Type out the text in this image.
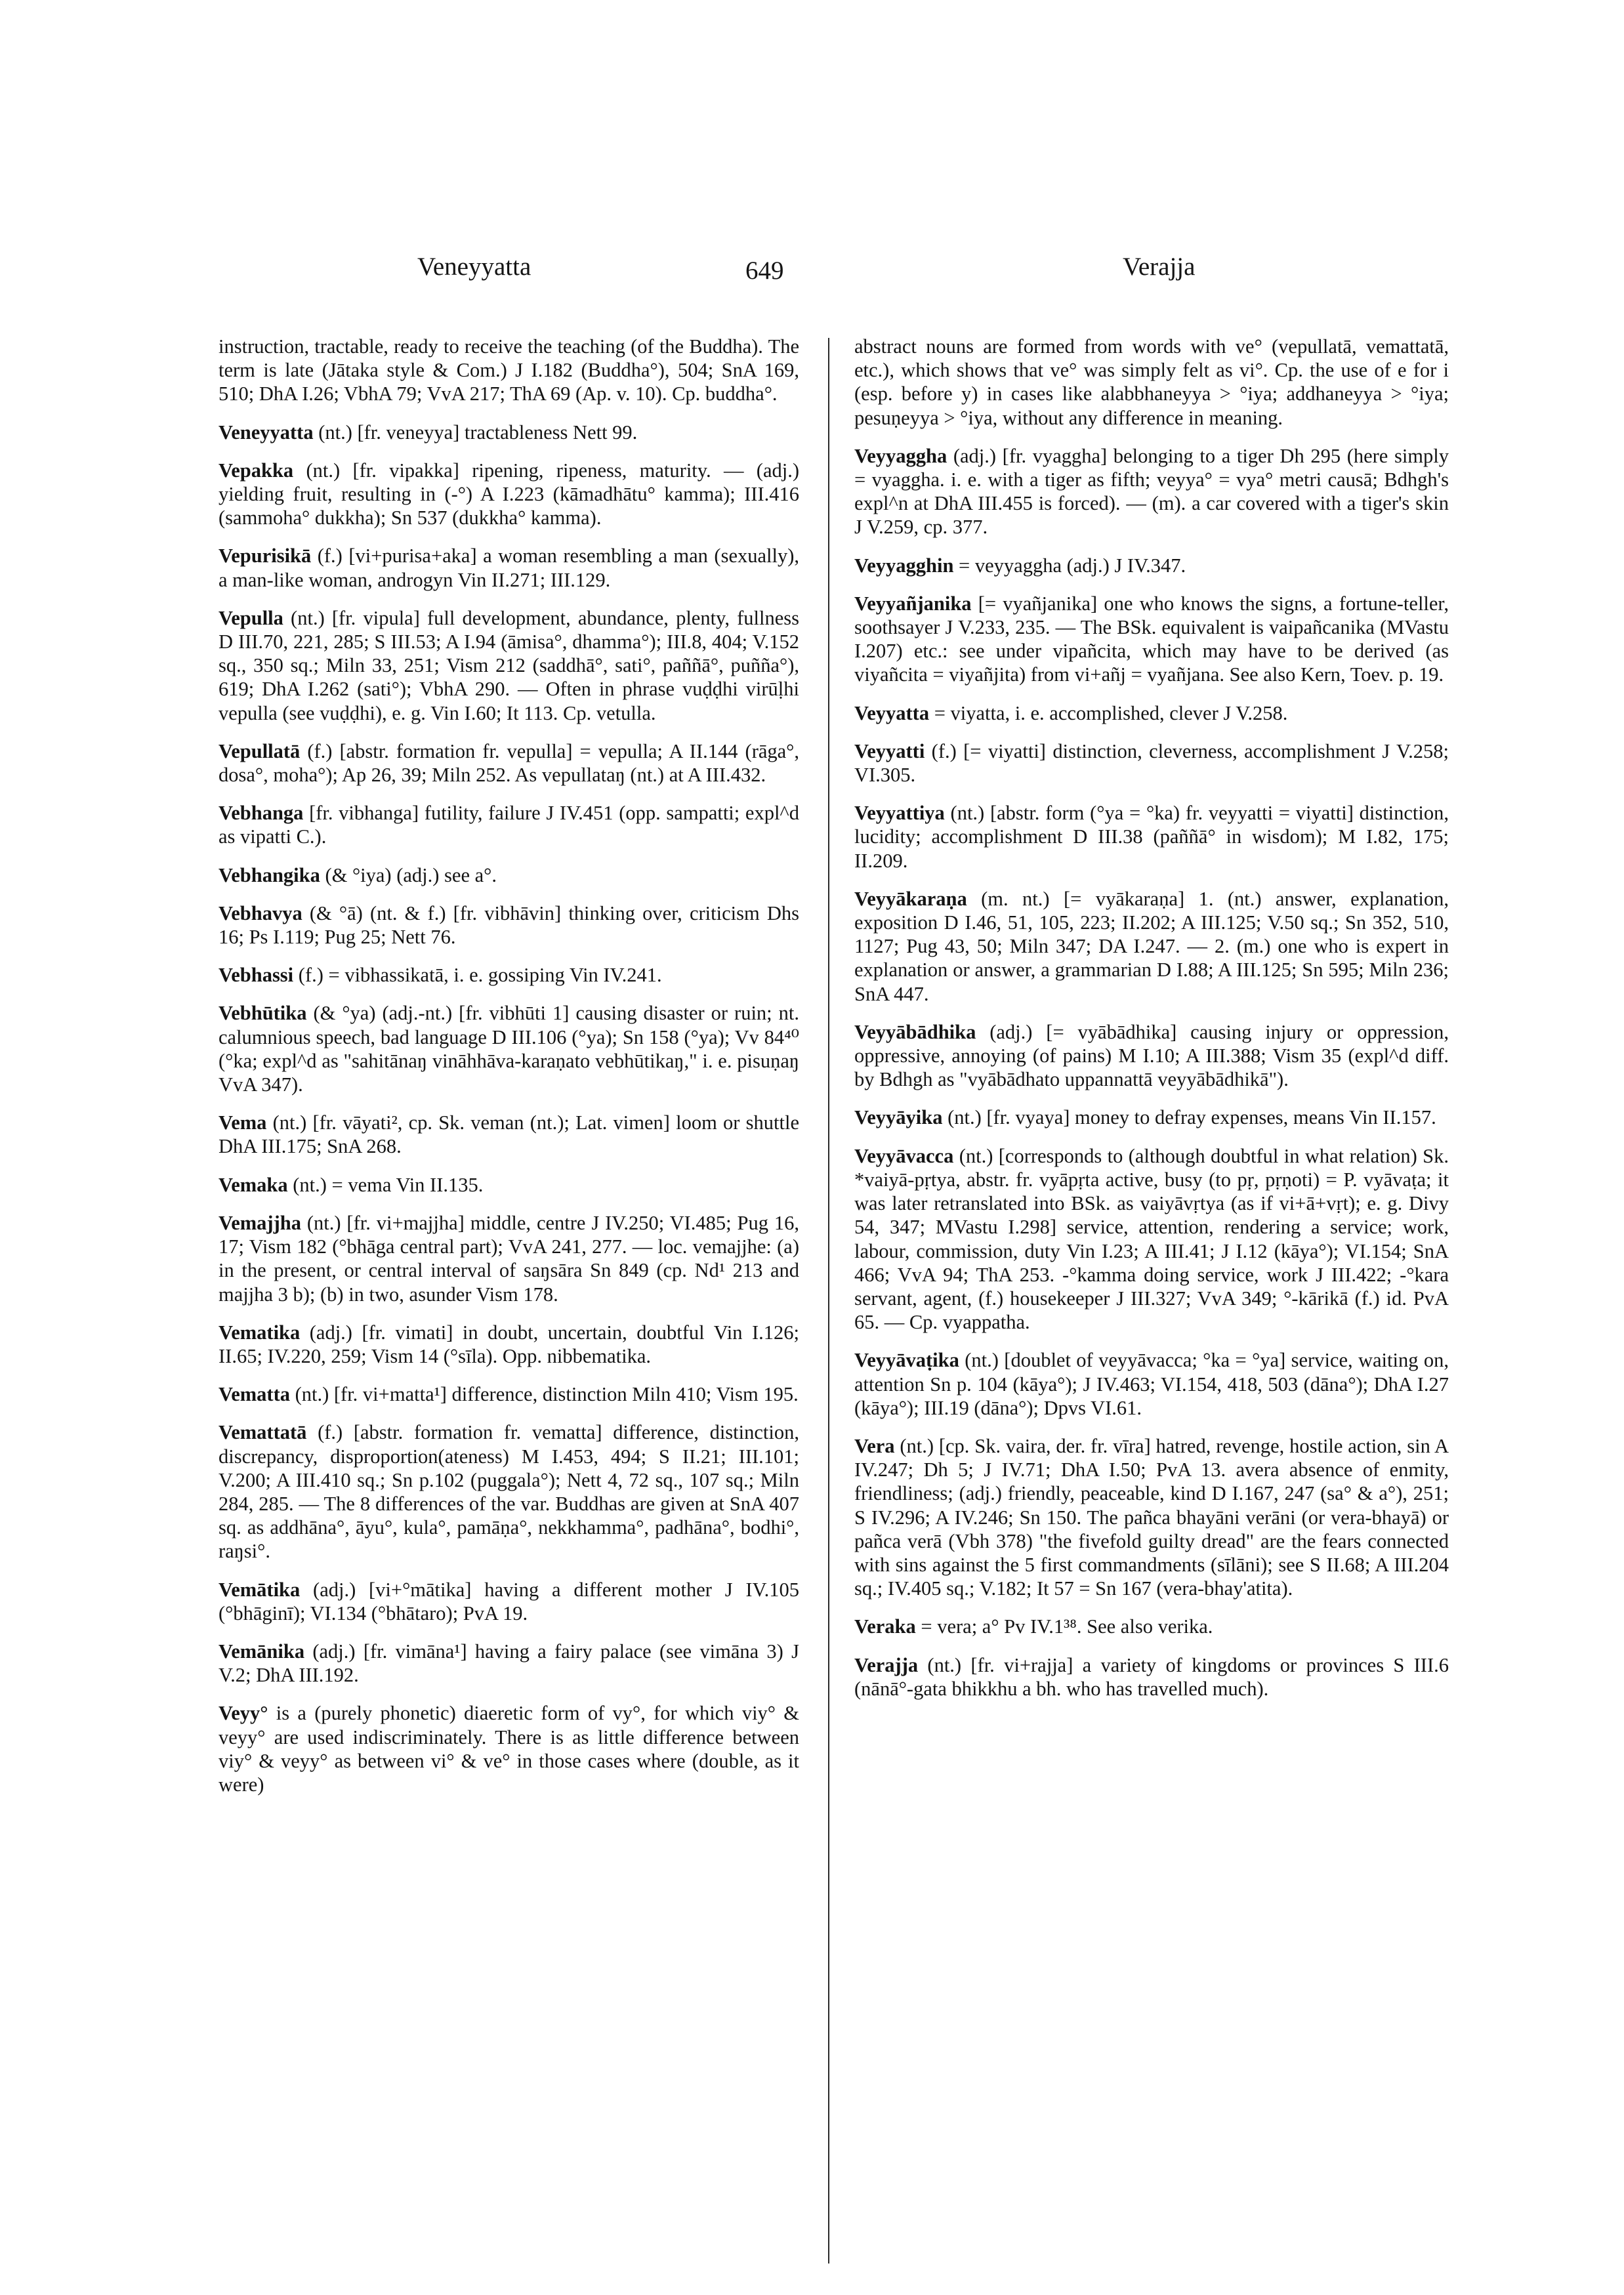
Veneyyatta	649	Verajja

instruction, tractable, ready to receive the teaching (of the Buddha). The term is late (Jātaka style & Com.) J I.182 (Buddha°), 504; SnA 169, 510; DhA I.26; VbhA 79; VvA 217; ThA 69 (Ap. v. 10). Cp. buddha°.

Veneyyatta (nt.) [fr. veneyya] tractableness Nett 99.

Vepakka (nt.) [fr. vipakka] ripening, ripeness, maturity. — (adj.) yielding fruit, resulting in (-°) A I.223 (kāmadhātu° kamma); III.416 (sammoha° dukkha); Sn 537 (dukkha° kamma).

Vepurisikā (f.) [vi+purisa+aka] a woman resembling a man (sexually), a man-like woman, androgyn Vin II.271; III.129.

Vepulla (nt.) [fr. vipula] full development, abundance, plenty, fullness D III.70, 221, 285; S III.53; A I.94 (āmisa°, dhamma°); III.8, 404; V.152 sq., 350 sq.; Miln 33, 251; Vism 212 (saddhā°, sati°, paññā°, puñña°), 619; DhA I.262 (sati°); VbhA 290. — Often in phrase vuḍḍhi virūḷhi vepulla (see vuḍḍhi), e. g. Vin I.60; It 113. Cp. vetulla.

Vepullatā (f.) [abstr. formation fr. vepulla] = vepulla; A II.144 (rāga°, dosa°, moha°); Ap 26, 39; Miln 252. As vepullataŋ (nt.) at A III.432.

Vebhanga [fr. vibhanga] futility, failure J IV.451 (opp. sampatti; expl^d as vipatti C.).

Vebhangika (& °iya) (adj.) see a°.

Vebhavya (& °ā) (nt. & f.) [fr. vibhāvin] thinking over, criticism Dhs 16; Ps I.119; Pug 25; Nett 76.

Vebhassi (f.) = vibhassikatā, i. e. gossiping Vin IV.241.

Vebhūtika (& °ya) (adj.-nt.) [fr. vibhūti 1] causing disaster or ruin; nt. calumnious speech, bad language D III.106 (°ya); Sn 158 (°ya); Vv 84⁴⁰ (°ka; expl^d as "sahitānaŋ vināhhāva-karaṇato vebhūtikaŋ," i. e. pisuṇaŋ VvA 347).

Vema (nt.) [fr. vāyati², cp. Sk. veman (nt.); Lat. vimen] loom or shuttle DhA III.175; SnA 268.

Vemaka (nt.) = vema Vin II.135.

Vemajjha (nt.) [fr. vi+majjha] middle, centre J IV.250; VI.485; Pug 16, 17; Vism 182 (°bhāga central part); VvA 241, 277. — loc. vemajjhe: (a) in the present, or central interval of saŋsāra Sn 849 (cp. Nd¹ 213 and majjha 3 b); (b) in two, asunder Vism 178.

Vematika (adj.) [fr. vimati] in doubt, uncertain, doubtful Vin I.126; II.65; IV.220, 259; Vism 14 (°sīla). Opp. nibbematika.

Vematta (nt.) [fr. vi+matta¹] difference, distinction Miln 410; Vism 195.

Vemattatā (f.) [abstr. formation fr. vematta] difference, distinction, discrepancy, disproportion(ateness) M I.453, 494; S II.21; III.101; V.200; A III.410 sq.; Sn p.102 (puggala°); Nett 4, 72 sq., 107 sq.; Miln 284, 285. — The 8 differences of the var. Buddhas are given at SnA 407 sq. as addhāna°, āyu°, kula°, pamāṇa°, nekkhamma°, padhāna°, bodhi°, raŋsi°.

Vemātika (adj.) [vi+°mātika] having a different mother J IV.105 (°bhāginī); VI.134 (°bhātaro); PvA 19.

Vemānika (adj.) [fr. vimāna¹] having a fairy palace (see vimāna 3) J V.2; DhA III.192.

Veyy° is a (purely phonetic) diaeretic form of vy°, for which viy° & veyy° are used indiscriminately. There is as little difference between viy° & veyy° as between vi° & ve° in those cases where (double, as it were)

abstract nouns are formed from words with ve° (vepullatā, vemattatā, etc.), which shows that ve° was simply felt as vi°. Cp. the use of e for i (esp. before y) in cases like alabbhaneyya > °iya; addhaneyya > °iya; pesuṇeyya > °iya, without any difference in meaning.

Veyyaggha (adj.) [fr. vyaggha] belonging to a tiger Dh 295 (here simply = vyaggha. i. e. with a tiger as fifth; veyya° = vya° metri causā; Bdhgh's expl^n at DhA III.455 is forced). — (m). a car covered with a tiger's skin J V.259, cp. 377.

Veyyagghin = veyyaggha (adj.) J IV.347.

Veyyañjanika [= vyañjanika] one who knows the signs, a fortune-teller, soothsayer J V.233, 235. — The BSk. equivalent is vaipañcanika (MVastu I.207) etc.: see under vipañcita, which may have to be derived (as viyañcita = viyañjita) from vi+añj = vyañjana. See also Kern, Toev. p. 19.

Veyyatta = viyatta, i. e. accomplished, clever J V.258.

Veyyatti (f.) [= viyatti] distinction, cleverness, accomplishment J V.258; VI.305.

Veyyattiya (nt.) [abstr. form (°ya = °ka) fr. veyyatti = viyatti] distinction, lucidity; accomplishment D III.38 (paññā° in wisdom); M I.82, 175; II.209.

Veyyākaraṇa (m. nt.) [= vyākaraṇa] 1. (nt.) answer, explanation, exposition D I.46, 51, 105, 223; II.202; A III.125; V.50 sq.; Sn 352, 510, 1127; Pug 43, 50; Miln 347; DA I.247. — 2. (m.) one who is expert in explanation or answer, a grammarian D I.88; A III.125; Sn 595; Miln 236; SnA 447.

Veyyābādhika (adj.) [= vyābādhika] causing injury or oppression, oppressive, annoying (of pains) M I.10; A III.388; Vism 35 (expl^d diff. by Bdhgh as "vyābādhato uppannattā veyyābādhikā").

Veyyāyika (nt.) [fr. vyaya] money to defray expenses, means Vin II.157.

Veyyāvacca (nt.) [corresponds to (although doubtful in what relation) Sk. *vaiyā-pṛtya, abstr. fr. vyāpṛta active, busy (to pṛ, pṛṇoti) = P. vyāvaṭa; it was later retranslated into BSk. as vaiyāvṛtya (as if vi+ā+vṛt); e. g. Divy 54, 347; MVastu I.298] service, attention, rendering a service; work, labour, commission, duty Vin I.23; A III.41; J I.12 (kāya°); VI.154; SnA 466; VvA 94; ThA 253. -°kamma doing service, work J III.422; -°kara servant, agent, (f.) housekeeper J III.327; VvA 349; °-kārikā (f.) id. PvA 65. — Cp. vyappatha.

Veyyāvaṭika (nt.) [doublet of veyyāvacca; °ka = °ya] service, waiting on, attention Sn p. 104 (kāya°); J IV.463; VI.154, 418, 503 (dāna°); DhA I.27 (kāya°); III.19 (dāna°); Dpvs VI.61.

Vera (nt.) [cp. Sk. vaira, der. fr. vīra] hatred, revenge, hostile action, sin A IV.247; Dh 5; J IV.71; DhA I.50; PvA 13. avera absence of enmity, friendliness; (adj.) friendly, peaceable, kind D I.167, 247 (sa° & a°), 251; S IV.296; A IV.246; Sn 150. The pañca bhayāni verāni (or vera-bhayā) or pañca verā (Vbh 378) "the fivefold guilty dread" are the fears connected with sins against the 5 first commandments (sīlāni); see S II.68; A III.204 sq.; IV.405 sq.; V.182; It 57 = Sn 167 (vera-bhay'atita).

Veraka = vera; a° Pv IV.1³⁸. See also verika.

Verajja (nt.) [fr. vi+rajja] a variety of kingdoms or provinces S III.6 (nānā°-gata bhikkhu a bh. who has travelled much).
